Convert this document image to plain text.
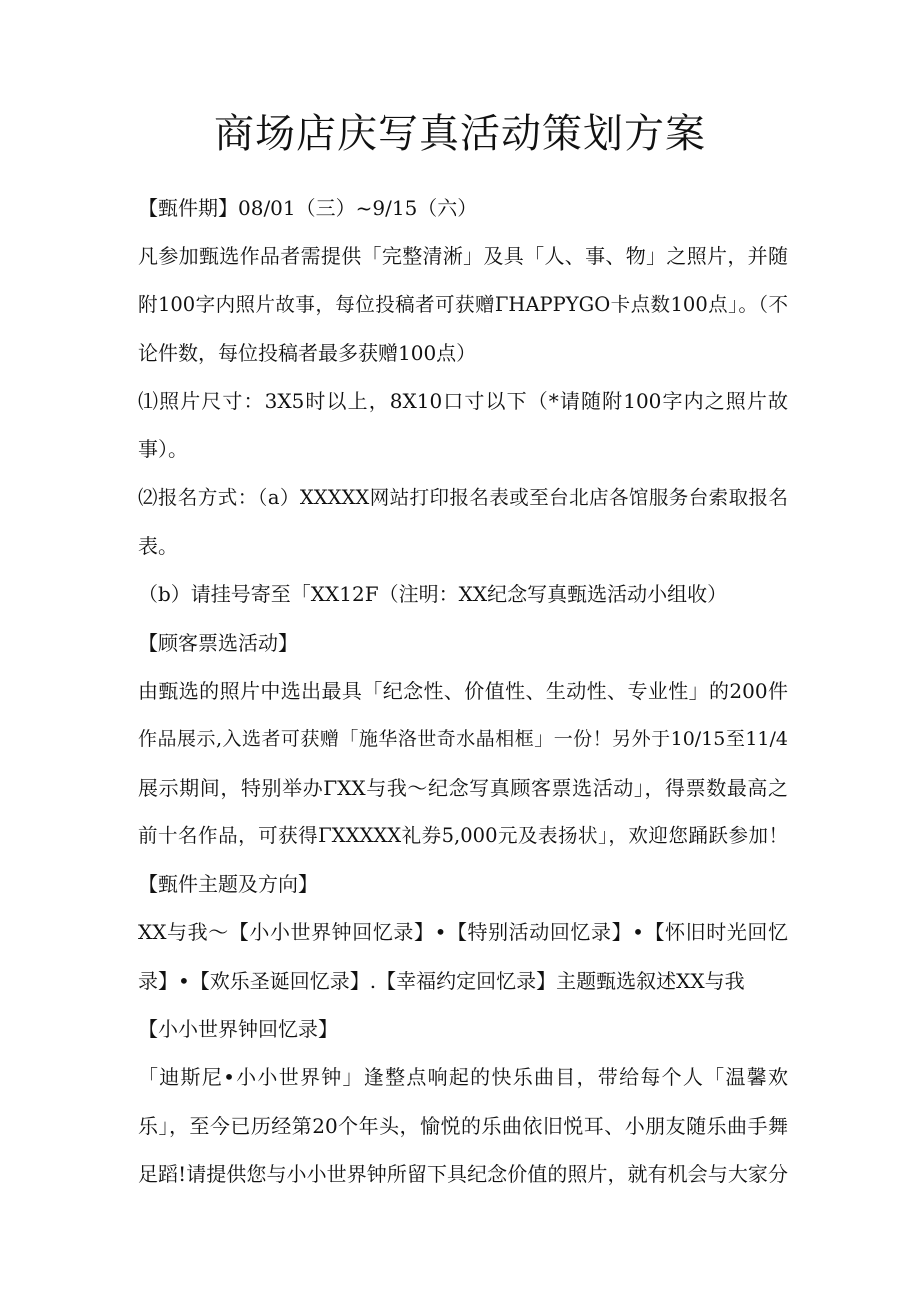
商场店庆写真活动策划方案

【甄件期】08/01（三）~9/15（六）

凡参加甄选作品者需提供「完整清淅」及具「人、事、物」之照片，并随

附100字内照片故事，每位投稿者可获赠ΓHAPPYGO卡点数100点」。（不

论件数，每位投稿者最多获赠100点）

⑴照片尺寸：3X5时以上，8X10口寸以下（*请随附100字内之照片故

事）。

⑵报名方式：（a）XXXXX网站打印报名表或至台北店各馆服务台索取报名

表。

（b）请挂号寄至「XX12F（注明：XX纪念写真甄选活动小组收）

【顾客票选活动】

由甄选的照片中选出最具「纪念性、价值性、生动性、专业性」的200件

作品展示,入选者可获赠「施华洛世奇水晶相框」一份！另外于10/15至11/4

展示期间，特别举办ΓXX与我～纪念写真顾客票选活动」，得票数最高之

前十名作品，可获得ΓXXXXX礼券5,000元及表扬状」，欢迎您踊跃参加！

【甄件主题及方向】

XX与我～【小小世界钟回忆录】•【特别活动回忆录】•【怀旧时光回忆

录】•【欢乐圣诞回忆录】.【幸福约定回忆录】主题甄选叙述XX与我

【小小世界钟回忆录】

「迪斯尼•小小世界钟」逢整点响起的快乐曲目，带给每个人「温馨欢

乐」，至今已历经第20个年头，愉悦的乐曲依旧悦耳、小朋友随乐曲手舞

足蹈!请提供您与小小世界钟所留下具纪念价值的照片，就有机会与大家分
